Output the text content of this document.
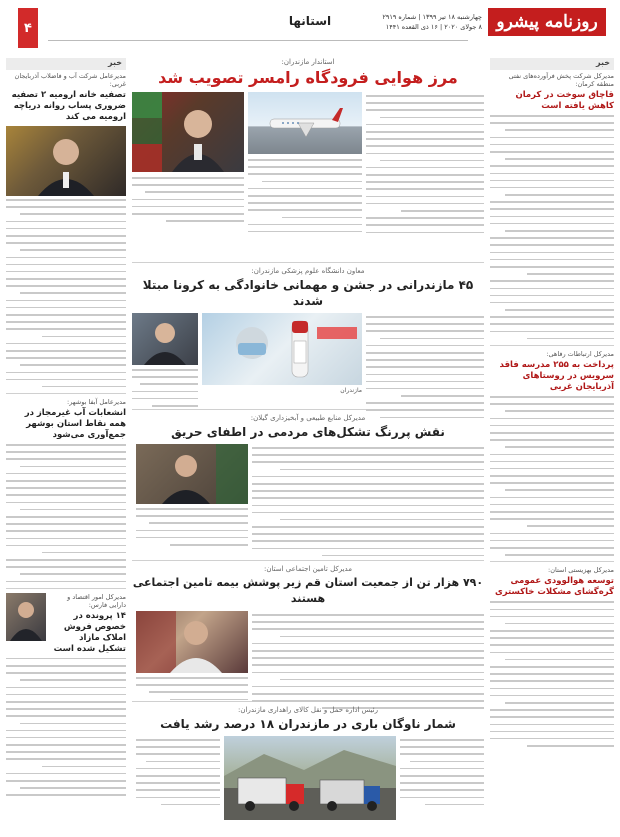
۴	استانها	چهارشنبه ۱۸ تیر ۱۳۹۹ | شماره ۲۹۱۹
۸ جولای ۲۰۲۰ | ۱۶ ذی القعده ۱۴۴۱ روزنامه پیشرو
خبر
خبر
مدیرکل شرکت پخش فرآورده‌های نفتی منطقه کرمان:
قاچاق سوخت در کرمان کاهش یافته است
مدیرکل ارتباطات رفاهی:
پرداخت به ۲۵۵ مدرسه فاقد سرویس در روستاهای آذربایجان غربی
مدیرکل بهزیستی استان:
توسعه هوالوودی عمومی گره‌گشای مشکلات خاکستری
استاندار مازندران:
مرز هوایی فرودگاه رامسر تصویب شد
معاون دانشگاه علوم پزشکی مازندران:
۴۵ مازندرانی در جشن و مهمانی خانوادگی به کرونا مبتلا شدند
مازندران
مدیرکل منابع طبیعی و آبخیزداری گیلان:
نقش پررنگ تشکل‌های مردمی در اطفای حریق
مدیرکل تامین اجتماعی استان:
۷۹۰ هزار تن از جمعیت استان قم زیر پوشش بیمه تامین اجتماعی هستند
رئیس اداره حمل و نقل کالای راهداری مازندران:
شمار ناوگان باری در مازندران ۱۸ درصد رشد یافت
مدیرعامل شرکت آب و فاضلاب آذربایجان غربی:
تصفیه خانه ارومیه ۲ تصفیه ضروری پساب روانه دریاچه ارومیه می کند
مدیرعامل آبفا بوشهر:
انشعابات آب غیرمجاز در همه نقاط استان بوشهر جمع‌آوری می‌شود
مدیرکل امور اقتصاد و دارایی فارس:
۱۴ پرونده در خصوص فروش املاک مازاد تشکیل شده است
